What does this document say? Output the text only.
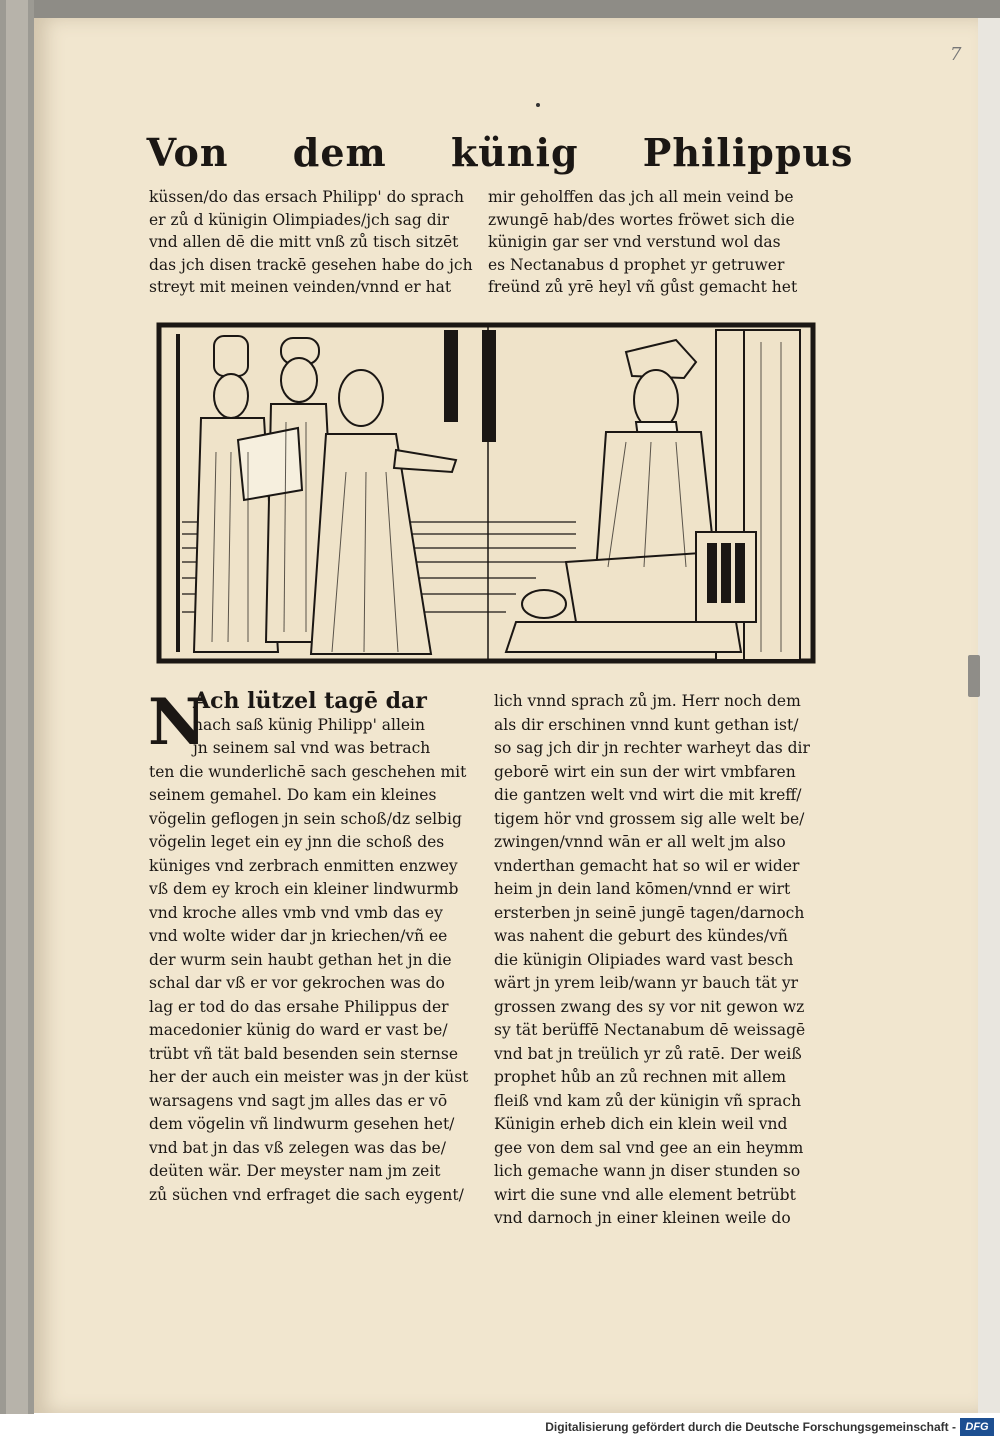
7
Von dem künig Philippus
küssen/do das ersach Philipp' do sprach
er zů d künigin Olimpiades/jch sag dir
vnd allen dē die mitt vnß zů tisch sitzēt
das jch disen trackē gesehen habe do jch
streyt mit meinen veinden/vnnd er hat
mir geholffen das jch all mein veind be
zwungē hab/des wortes fröwet sich die
künigin gar ser vnd verstund wol das
es Nectanabus d prophet yr getruwer
freünd zů yrē heyl vñ gůst gemacht het
N
Ach lützel tagē dar
nach saß künig Philipp' allein
jn seinem sal vnd was betrach
ten die wunderlichē sach geschehen mit
seinem gemahel. Do kam ein kleines
vögelin geflogen jn sein schoß/dz selbig
vögelin leget ein ey jnn die schoß des
küniges vnd zerbrach enmitten enzwey
vß dem ey kroch ein kleiner lindwurmb
vnd kroche alles vmb vnd vmb das ey
vnd wolte wider dar jn kriechen/vñ ee
der wurm sein haubt gethan het jn die
schal dar vß er vor gekrochen was do
lag er tod do das ersahe Philippus der
macedonier künig do ward er vast be/
trübt vñ tät bald besenden sein sternse
her der auch ein meister was jn der küst
warsagens vnd sagt jm alles das er vō
dem vögelin vñ lindwurm gesehen het/
vnd bat jn das vß zelegen was das be/
deüten wär. Der meyster nam jm zeit
zů süchen vnd erfraget die sach eygent/
lich vnnd sprach zů jm. Herr noch dem
als dir erschinen vnnd kunt gethan ist/
so sag jch dir jn rechter warheyt das dir
geborē wirt ein sun der wirt vmbfaren
die gantzen welt vnd wirt die mit kreff/
tigem hör vnd grossem sig alle welt be/
zwingen/vnnd wān er all welt jm also
vnderthan gemacht hat so wil er wider
heim jn dein land kōmen/vnnd er wirt
ersterben jn seinē jungē tagen/darnoch
was nahent die geburt des kündes/vñ
die künigin Olipiades ward vast besch
wärt jn yrem leib/wann yr bauch tät yr
grossen zwang des sy vor nit gewon wz
sy tät berüffē Nectanabum dē weissagē
vnd bat jn treülich yr zů ratē. Der weiß
prophet hůb an zů rechnen mit allem
fleiß vnd kam zů der künigin vñ sprach
Künigin erheb dich ein klein weil vnd
gee von dem sal vnd gee an ein heymm
lich gemache wann jn diser stunden so
wirt die sune vnd alle element betrübt
vnd darnoch jn einer kleinen weile do
Digitalisierung gefördert durch die Deutsche Forschungsgemeinschaft - DFG
